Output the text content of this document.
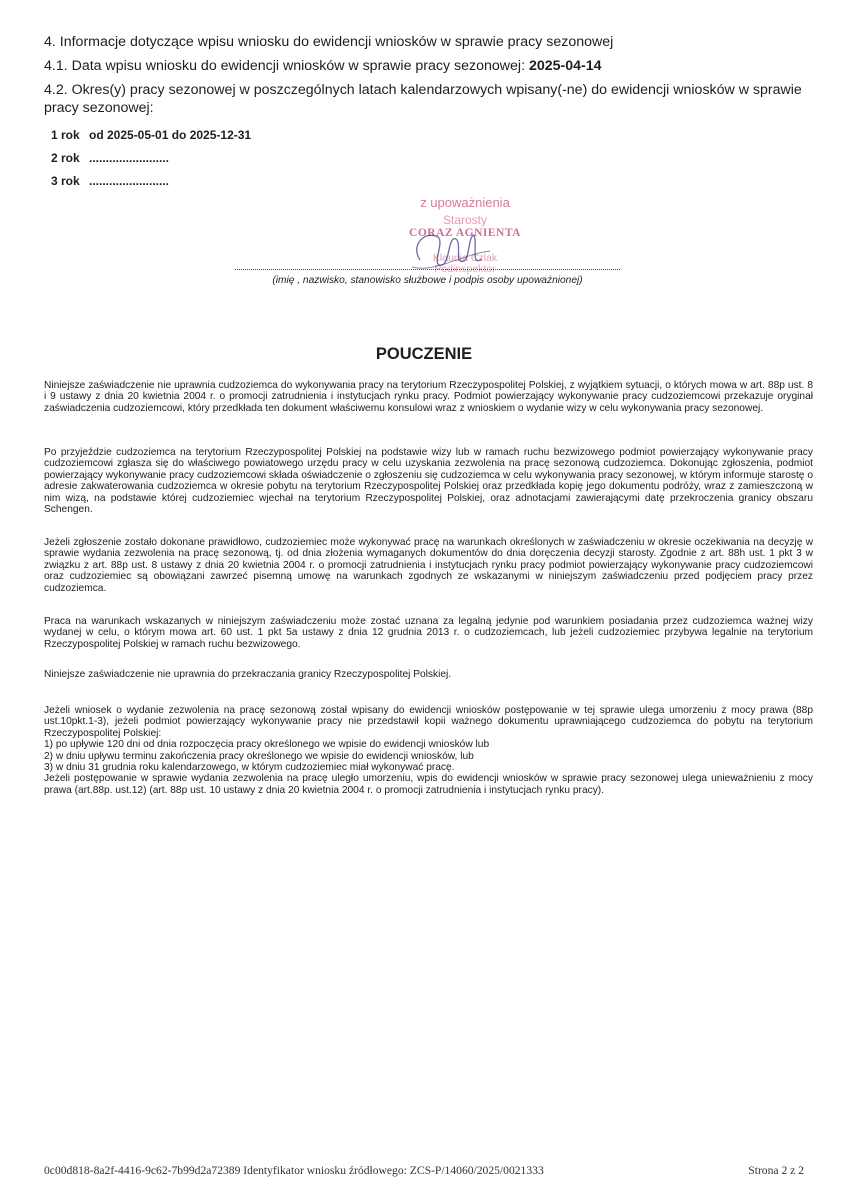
4. Informacje dotyczące wpisu wniosku do ewidencji wniosków w sprawie pracy sezonowej
4.1. Data wpisu wniosku do ewidencji wniosków w sprawie pracy sezonowej: 2025-04-14
4.2. Okres(y) pracy sezonowej w poszczególnych latach kalendarzowych wpisany(-ne) do ewidencji wniosków w sprawie pracy sezonowej:
1 rok od 2025-05-01 do 2025-12-31
2 rok ........................
3 rok ........................
z upoważnienia
Starosty
CORAZ AGNIENTA
Klaudia Czlak
Podinspektor
(imię , nazwisko, stanowisko służbowe i podpis osoby upoważnionej)
POUCZENIE

Niniejsze zaświadczenie nie uprawnia cudzoziemca do wykonywania pracy na terytorium Rzeczypospolitej Polskiej, z wyjątkiem sytuacji, o których mowa w art. 88p ust. 8 i 9 ustawy z dnia 20 kwietnia 2004 r. o promocji zatrudnienia i instytucjach rynku pracy. Podmiot powierzający wykonywanie pracy cudzoziemcowi przekazuje oryginał zaświadczenia cudzoziemcowi, który przedkłada ten dokument właściwemu konsulowi wraz z wnioskiem o wydanie wizy w celu wykonywania pracy sezonowej.

Po przyjeździe cudzoziemca na terytorium Rzeczypospolitej Polskiej na podstawie wizy lub w ramach ruchu bezwizowego podmiot powierzający wykonywanie pracy cudzoziemcowi zgłasza się do właściwego powiatowego urzędu pracy w celu uzyskania zezwolenia na pracę sezonową cudzoziemca. Dokonując zgłoszenia, podmiot powierzający wykonywanie pracy cudzoziemcowi składa oświadczenie o zgłoszeniu się cudzoziemca w celu wykonywania pracy sezonowej, w którym informuje starostę o adresie zakwaterowania cudzoziemca w okresie pobytu na terytorium Rzeczypospolitej Polskiej oraz przedkłada kopię jego dokumentu podróży, wraz z zamieszczoną w nim wizą, na podstawie której cudzoziemiec wjechał na terytorium Rzeczypospolitej Polskiej, oraz adnotacjami zawierającymi datę przekroczenia granicy obszaru Schengen.

Jeżeli zgłoszenie zostało dokonane prawidłowo, cudzoziemiec może wykonywać pracę na warunkach określonych w zaświadczeniu w okresie oczekiwania na decyzję w sprawie wydania zezwolenia na pracę sezonową, tj. od dnia złożenia wymaganych dokumentów do dnia doręczenia decyzji starosty. Zgodnie z art. 88h ust. 1 pkt 3 w związku z art. 88p ust. 8 ustawy z dnia 20 kwietnia 2004 r. o promocji zatrudnienia i instytucjach rynku pracy podmiot powierzający wykonywanie pracy cudzoziemcowi oraz cudzoziemiec są obowiązani zawrzeć pisemną umowę na warunkach zgodnych ze wskazanymi w niniejszym zaświadczeniu przed podjęciem pracy przez cudzoziemca.

Praca na warunkach wskazanych w niniejszym zaświadczeniu może zostać uznana za legalną jedynie pod warunkiem posiadania przez cudzoziemca ważnej wizy wydanej w celu, o którym mowa art. 60 ust. 1 pkt 5a ustawy z dnia 12 grudnia 2013 r. o cudzoziemcach, lub jeżeli cudzoziemiec przybywa legalnie na terytorium Rzeczypospolitej Polskiej w ramach ruchu bezwizowego.

Niniejsze zaświadczenie nie uprawnia do przekraczania granicy Rzeczypospolitej Polskiej.

Jeżeli wniosek o wydanie zezwolenia na pracę sezonową został wpisany do ewidencji wniosków postępowanie w tej sprawie ulega umorzeniu z mocy prawa (88p ust.10pkt.1-3), jeżeli podmiot powierzający wykonywanie pracy nie przedstawił kopii ważnego dokumentu uprawniającego cudzoziemca do pobytu na terytorium Rzeczypospolitej Polskiej:
1) po upływie 120 dni od dnia rozpoczęcia pracy określonego we wpisie do ewidencji wniosków lub
2) w dniu upływu terminu zakończenia pracy określonego we wpisie do ewidencji wniosków, lub
3) w dniu 31 grudnia roku kalendarzowego, w którym cudzoziemiec miał wykonywać pracę.
Jeżeli postępowanie w sprawie wydania zezwolenia na pracę uległo umorzeniu, wpis do ewidencji wniosków w sprawie pracy sezonowej ulega unieważnieniu z mocy prawa (art.88p. ust.12) (art. 88p ust. 10 ustawy z dnia 20 kwietnia 2004 r. o promocji zatrudnienia i instytucjach rynku pracy).
0c00d818-8a2f-4416-9c62-7b99d2a72389 Identyfikator wniosku źródłowego: ZCS-P/14060/2025/0021333	Strona 2 z 2
